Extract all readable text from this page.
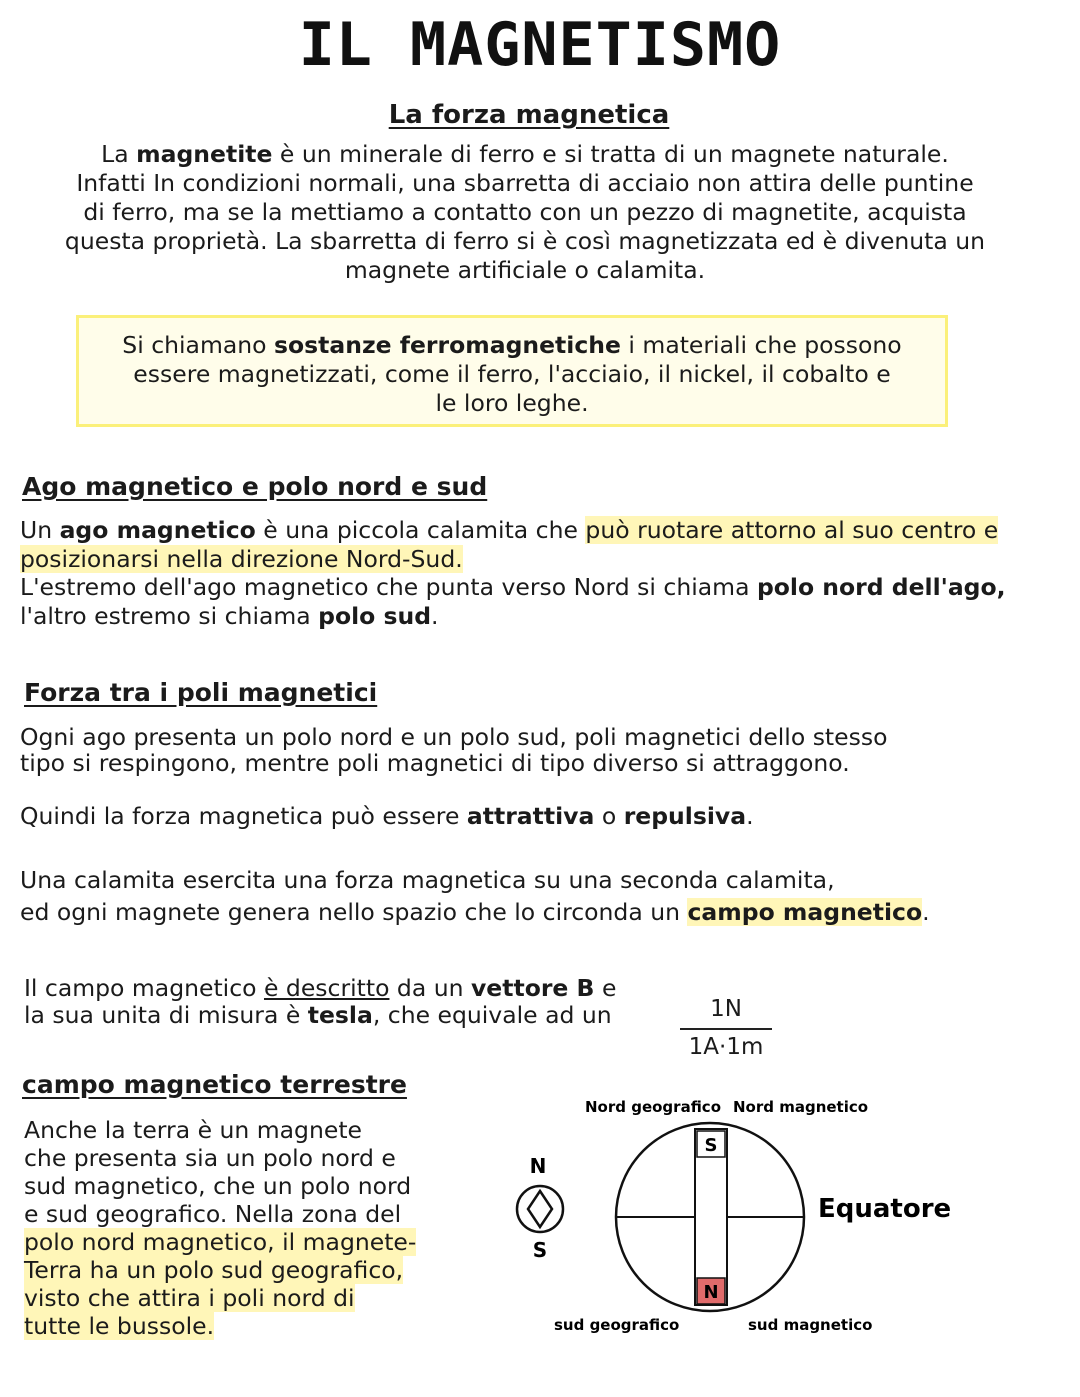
IL MAGNETISMO
La forza magnetica
La magnetite è un minerale di ferro e si tratta di un magnete naturale.
Infatti In condizioni normali, una sbarretta di acciaio non attira delle puntine
di ferro, ma se la mettiamo a contatto con un pezzo di magnetite, acquista
questa proprietà. La sbarretta di ferro si è così magnetizzata ed è divenuta un
magnete artificiale o calamita.
Si chiamano sostanze ferromagnetiche i materiali che possono
essere magnetizzati, come il ferro, l'acciaio, il nickel, il cobalto e
le loro leghe.
Ago magnetico e polo nord e sud
Un ago magnetico è una piccola calamita che può ruotare attorno al suo centro e
posizionarsi nella direzione Nord-Sud.
L'estremo dell'ago magnetico che punta verso Nord si chiama polo nord dell'ago,
l'altro estremo si chiama polo sud.
Forza tra i poli magnetici
Ogni ago presenta un polo nord e un polo sud, poli magnetici dello stesso
tipo si respingono, mentre poli magnetici di tipo diverso si attraggono.
Quindi la forza magnetica può essere attrattiva o repulsiva.
Una calamita esercita una forza magnetica su una seconda calamita,
ed ogni magnete genera nello spazio che lo circonda un campo magnetico.
Il campo magnetico è descritto da un vettore B e
la sua unita di misura è tesla, che equivale ad un	1N
1A·1m
campo magnetico terrestre
Anche la terra è un magnete
che presenta sia un polo nord e
sud magnetico, che un polo nord
e sud geografico. Nella zona del
polo nord magnetico, il magnete-
Terra ha un polo sud geografico,
visto che attira i poli nord di
tutte le bussole.
N
S
S
N
Nord geografico Nord magnetico
Equatore
sud geografico	sud magnetico
